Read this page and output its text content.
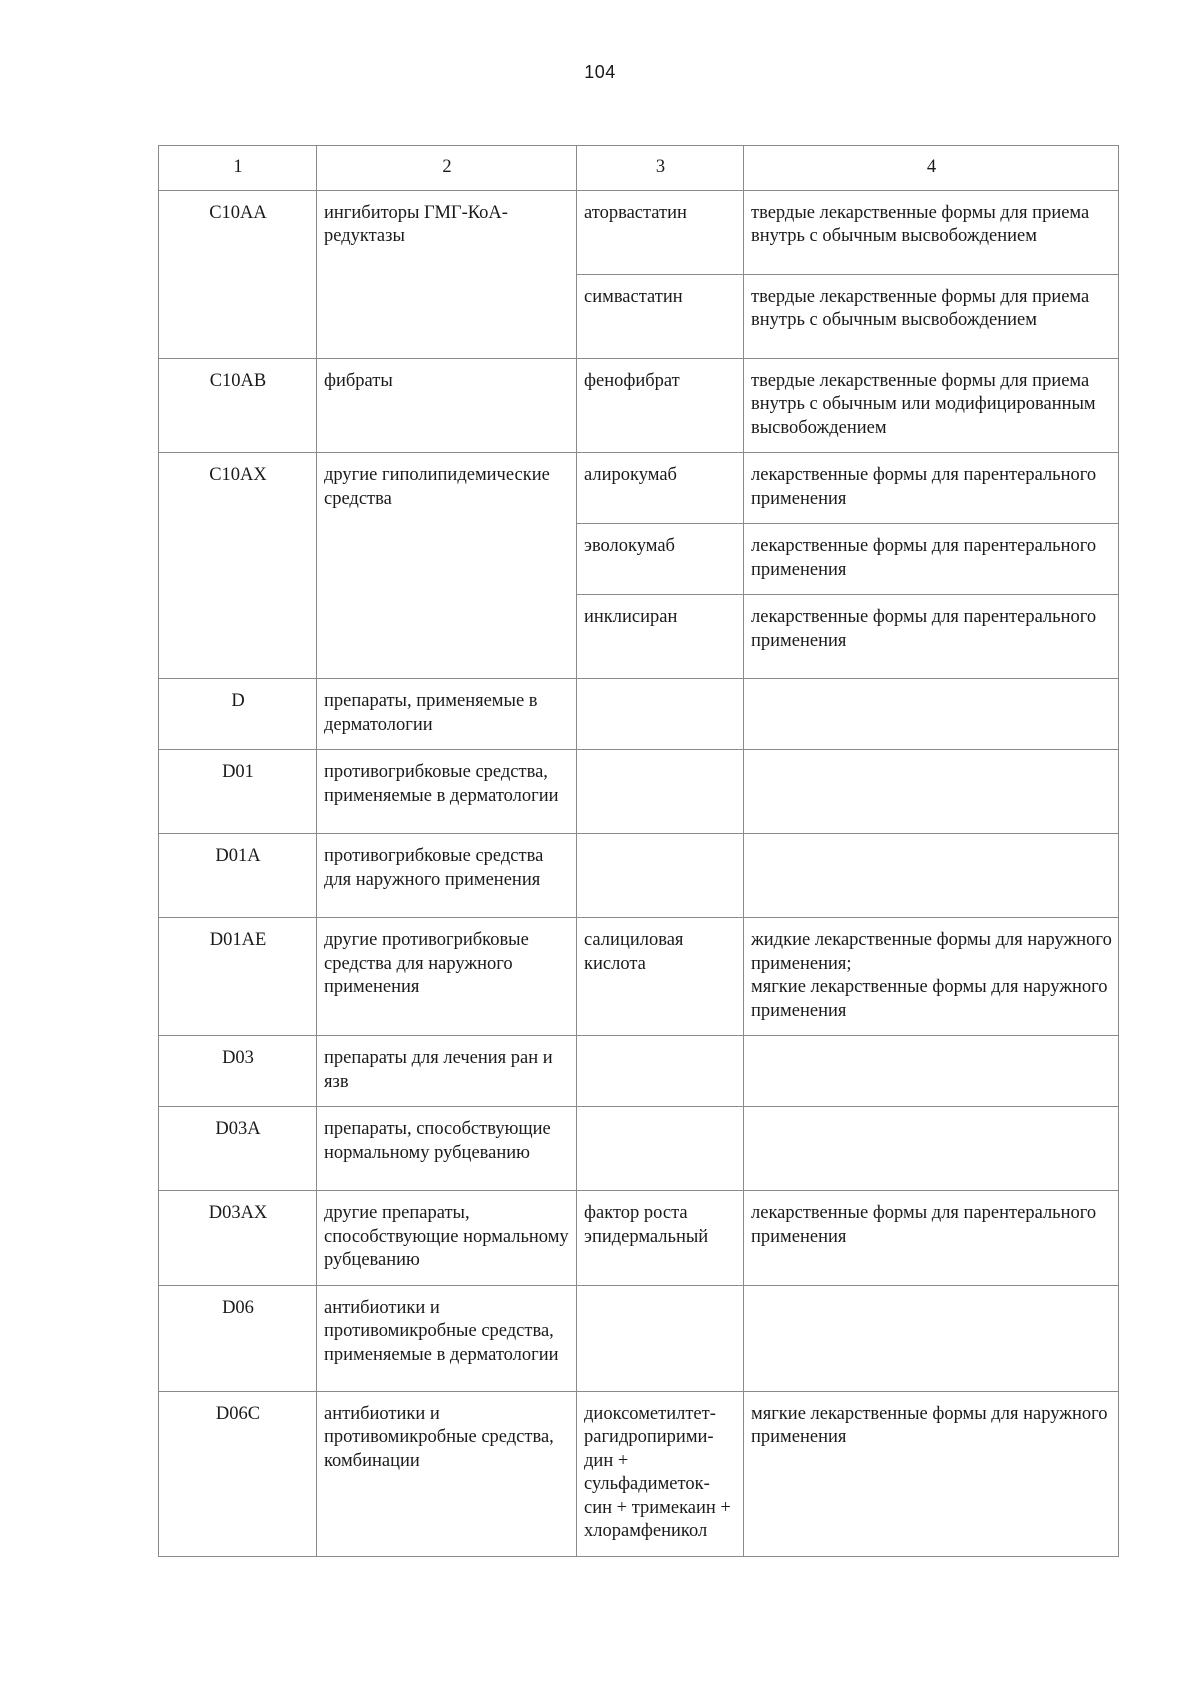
104
1	2	3	4
C10AA	ингибиторы ГМГ-КоА-редуктазы	аторвастатин	твердые лекарственные формы для приема внутрь с обычным высвобождением
		симвастатин	твердые лекарственные формы для приема внутрь с обычным высвобождением
C10AB	фибраты	фенофибрат	твердые лекарственные формы для приема внутрь с обычным или модифицированным высвобождением
C10AX	другие гиполипидемические средства	алирокумаб	лекарственные формы для парентерального применения
		эволокумаб	лекарственные формы для парентерального применения
		инклисиран	лекарственные формы для парентерального применения
D	препараты, применяемые в дерматологии		
D01	противогрибковые средства, применяемые в дерматологии		
D01A	противогрибковые средства для наружного применения		
D01AE	другие противогрибковые средства для наружного применения	салициловая кислота	жидкие лекарственные формы для наружного применения;
мягкие лекарственные формы для наружного применения

D03	препараты для лечения ран и язв		
D03A	препараты, способствующие нормальному рубцеванию		
D03AX	другие препараты, способствующие нормальному рубцеванию	фактор роста эпидермальный	лекарственные формы для парентерального применения
D06	антибиотики и противомикробные средства, применяемые в дерматологии		
D06C	антибиотики и противомикробные средства, комбинации	диоксометилтет-рагидропирими-дин + сульфадиметок-син + тримекаин + хлорамфеникол	мягкие лекарственные формы для наружного применения
